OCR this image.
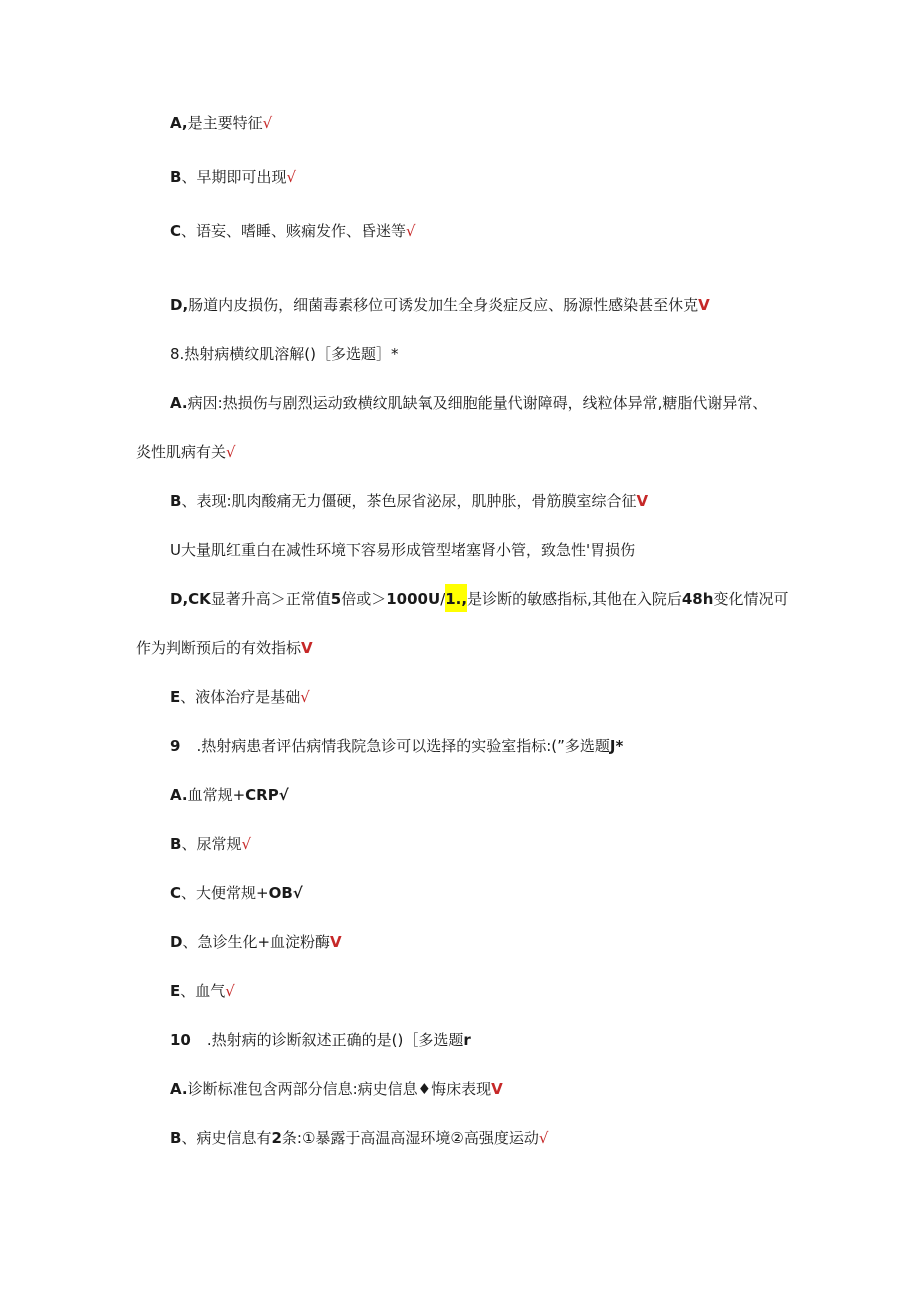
A,是主要特征√
B、早期即可出现√
C、语妄、嗜睡、赅痫发作、昏迷等√
D,肠道内皮损伤，细菌毒素移位可诱发加生全身炎症反应、肠源性感染甚至休克V
8.热射病横纹肌溶解()［多选题］*
A.病因:热损伤与剧烈运动致横纹肌缺氧及细胞能量代谢障碍，线粒体异常,糖脂代谢异常、
炎性肌病有关√
B、表现:肌肉酸痛无力僵硬，茶色尿省泌尿，肌肿胀，骨筋膜室综合征V
U大量肌红重白在减性环境下容易形成管型堵塞肾小管，致急性'胃损伤
D,CK显著升高＞正常值5倍或＞1000U/1.,是诊断的敏感指标,其他在入院后48h变化情况可
作为判断预后的有效指标V
E、液体治疗是基础√
9 .热射病患者评估病情我院急诊可以选择的实验室指标:(”多选题J*
A.血常规+CRP√
B、尿常规√
C、大便常规+OB√
D、急诊生化+血淀粉酶V
E、血气√
10 .热射病的诊断叙述正确的是()［多选题r
A.诊断标准包含两部分信息:病史信息♦悔床表现V
B、病史信息有2条:①暴露于高温高湿环境②高强度运动√
